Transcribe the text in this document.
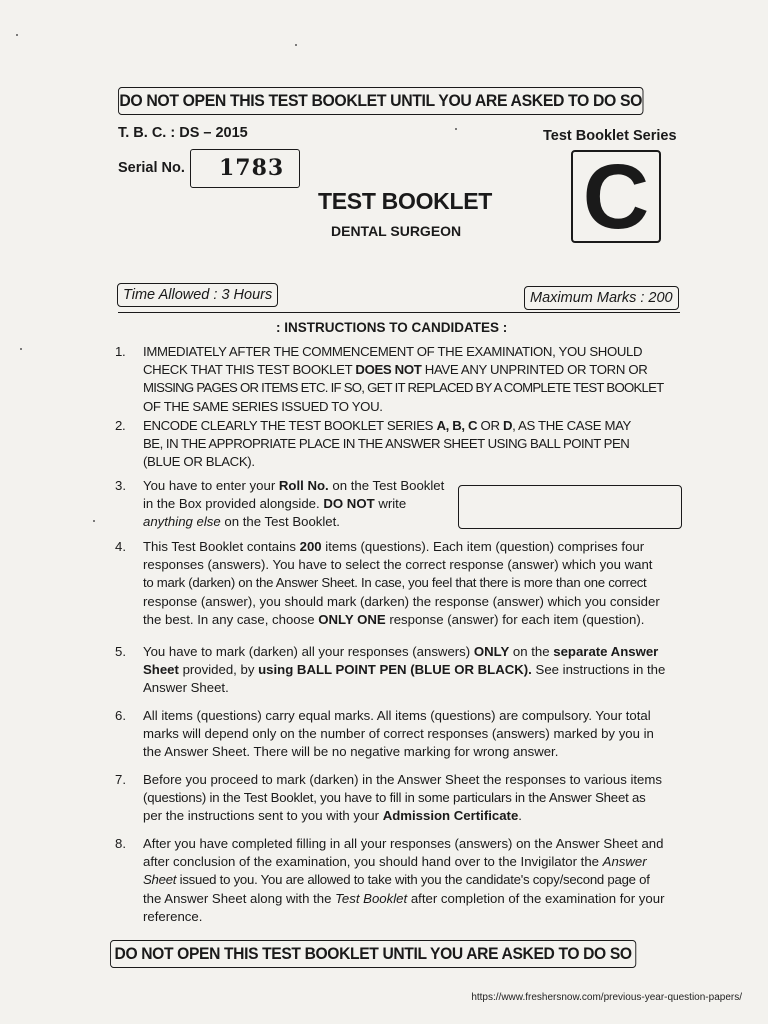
DO NOT OPEN THIS TEST BOOKLET UNTIL YOU ARE ASKED TO DO SO
T. B. C. : DS – 2015	Test Booklet Series
Serial No. 1783	C
TEST BOOKLET
DENTAL SURGEON
Time Allowed : 3 Hours	Maximum Marks : 200
: INSTRUCTIONS TO CANDIDATES :
1. IMMEDIATELY AFTER THE COMMENCEMENT OF THE EXAMINATION, YOU SHOULD
CHECK THAT THIS TEST BOOKLET DOES NOT HAVE ANY UNPRINTED OR TORN OR
MISSING PAGES OR ITEMS ETC. IF SO, GET IT REPLACED BY A COMPLETE TEST BOOKLET
OF THE SAME SERIES ISSUED TO YOU.
2. ENCODE CLEARLY THE TEST BOOKLET SERIES A, B, C OR D, AS THE CASE MAY
BE, IN THE APPROPRIATE PLACE IN THE ANSWER SHEET USING BALL POINT PEN
(BLUE OR BLACK).
3. You have to enter your Roll No. on the Test Booklet
in the Box provided alongside. DO NOT write
anything else on the Test Booklet.
4. This Test Booklet contains 200 items (questions). Each item (question) comprises four
responses (answers). You have to select the correct response (answer) which you want
to mark (darken) on the Answer Sheet. In case, you feel that there is more than one correct
response (answer), you should mark (darken) the response (answer) which you consider
the best. In any case, choose ONLY ONE response (answer) for each item (question).
5. You have to mark (darken) all your responses (answers) ONLY on the separate Answer
Sheet provided, by using BALL POINT PEN (BLUE OR BLACK). See instructions in the
Answer Sheet.
6. All items (questions) carry equal marks. All items (questions) are compulsory. Your total
marks will depend only on the number of correct responses (answers) marked by you in
the Answer Sheet. There will be no negative marking for wrong answer.
7. Before you proceed to mark (darken) in the Answer Sheet the responses to various items
(questions) in the Test Booklet, you have to fill in some particulars in the Answer Sheet as
per the instructions sent to you with your Admission Certificate.
8. After you have completed filling in all your responses (answers) on the Answer Sheet and
after conclusion of the examination, you should hand over to the Invigilator the Answer
Sheet issued to you. You are allowed to take with you the candidate's copy/second page of
the Answer Sheet along with the Test Booklet after completion of the examination for your
reference.
DO NOT OPEN THIS TEST BOOKLET UNTIL YOU ARE ASKED TO DO SO
https://www.freshersnow.com/previous-year-question-papers/
